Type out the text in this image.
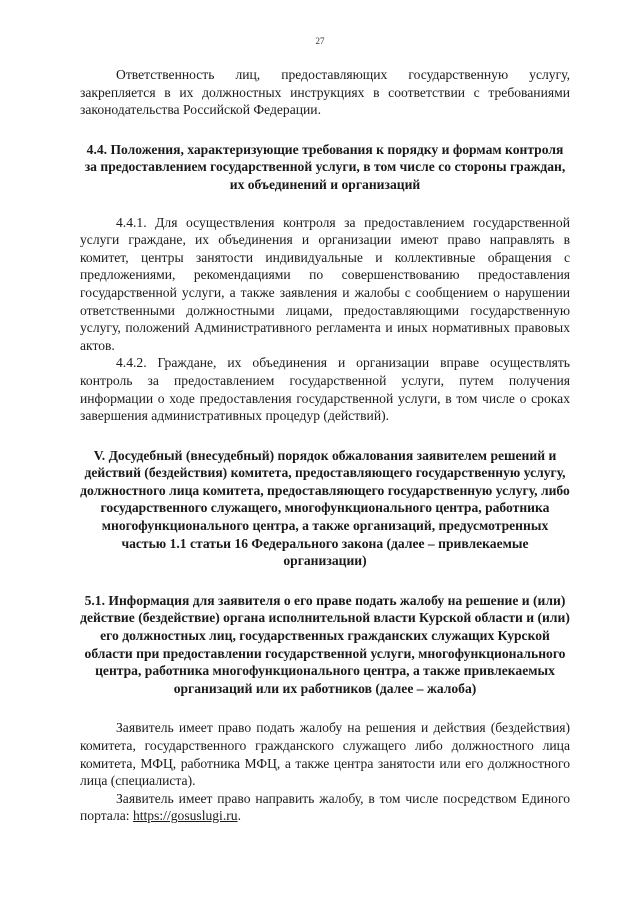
27

Ответственность лиц, предоставляющих государственную услугу, закрепляется в их должностных инструкциях в соответствии с требованиями законодательства Российской Федерации.

4.4. Положения, характеризующие требования к порядку и формам контроля за предоставлением государственной услуги, в том числе со стороны граждан, их объединений и организаций

4.4.1. Для осуществления контроля за предоставлением государственной услуги граждане, их объединения и организации имеют право направлять в комитет, центры занятости индивидуальные и коллективные обращения с предложениями, рекомендациями по совершенствованию предоставления государственной услуги, а также заявления и жалобы с сообщением о нарушении ответственными должностными лицами, предоставляющими государственную услугу, положений Административного регламента и иных нормативных правовых актов.

4.4.2. Граждане, их объединения и организации вправе осуществлять контроль за предоставлением государственной услуги, путем получения информации о ходе предоставления государственной услуги, в том числе о сроках завершения административных процедур (действий).

V. Досудебный (внесудебный) порядок обжалования заявителем решений и действий (бездействия) комитета, предоставляющего государственную услугу, должностного лица комитета, предоставляющего государственную услугу, либо государственного служащего, многофункционального центра, работника многофункционального центра, а также организаций, предусмотренных частью 1.1 статьи 16 Федерального закона (далее – привлекаемые организации)

5.1. Информация для заявителя о его праве подать жалобу на решение и (или) действие (бездействие) органа исполнительной власти Курской области и (или) его должностных лиц, государственных гражданских служащих Курской области при предоставлении государственной услуги, многофункционального центра, работника многофункционального центра, а также привлекаемых организаций или их работников (далее – жалоба)

Заявитель имеет право подать жалобу на решения и действия (бездействия) комитета, государственного гражданского служащего либо должностного лица комитета, МФЦ, работника МФЦ, а также центра занятости или его должностного лица (специалиста).

Заявитель имеет право направить жалобу, в том числе посредством Единого портала: https://gosuslugi.ru.
